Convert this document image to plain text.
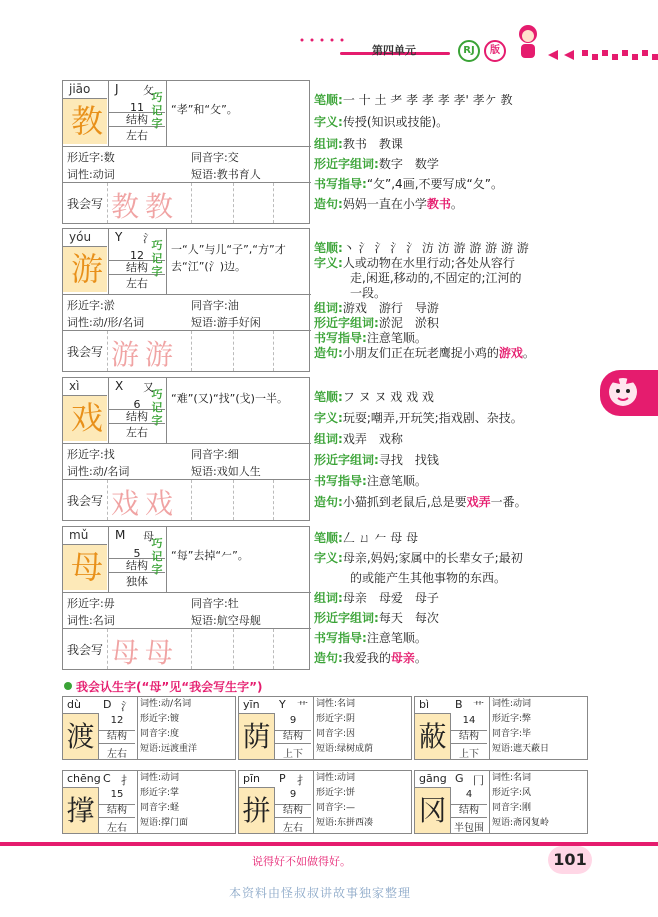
第四单元	RJ	版
jiāo J 攵
教	11
结构
左右
巧记字
“孝”和“攵”。
形近字:数	同音字:交
词性:动词	短语:教书育人
我会写 教教
笔顺:一 十 土 耂 孝 孝 孝 孝' 孝ケ 教
字义:传授(知识或技能)。
组词:教书　教课
形近字组词:数字　数学
书写指导:“攵”,4画,不要写成“夂”。
造句:妈妈一直在小学教书。
yóu Y 氵
游	12
结构
左右
巧记字
一“人”与儿“子”,“方”才去“江”(氵)边。
形近字:淤	同音字:油
词性:动/形/名词	短语:游手好闲
我会写 游游
笔顺:丶 氵 氵 氵 氵 汸 汸 游 游 游 游 游
字义:人或动物在水里行动;各处从容行
走,闲逛,移动的,不固定的;江河的
一段。
组词:游戏　游行　导游
形近字组词:淤泥　淤积
书写指导:注意笔顺。
造句:小朋友们正在玩老鹰捉小鸡的游戏。
xì	X 又
戏	6
结构
左右
巧记字
“难”(又)“找”(戈)一半。
形近字:找	同音字:细
词性:动/名词	短语:戏如人生
我会写 戏戏
笔顺:フ ヌ ヌ 戏 戏 戏
字义:玩耍;嘲弄,开玩笑;指戏剧、杂技。
组词:戏弄　戏称
形近字组词:寻找　找钱
书写指导:注意笔顺。
造句:小猫抓到老鼠后,总是要戏弄一番。
mǔ M 母
母	5
结构
独体
巧记字
“每”去掉“𠂉”。
形近字:毋	同音字:牡
词性:名词	短语:航空母舰
我会写 母母
笔顺:𠃋 ㄩ 𠂉 母 母
字义:母亲,妈妈;家属中的长辈女子;最初
的或能产生其他事物的东西。
组词:母亲　母爱　母子
形近字组词:每天　每次
书写指导:注意笔顺。
造句:我爱我的母亲。
我会认生字(“母”见“我会写生字”)
dù D 氵
渡	12
结构
左右
词性:动/名词
形近字:镀
同音字:度
短语:远渡重洋
yīn Y 艹
荫	9
结构
上下
词性:名词
形近字:阴
同音字:因
短语:绿树成荫
bì B 艹
蔽	14
结构
上下
词性:动词
形近字:弊
同音字:毕
短语:遮天蔽日
chēng C 扌
撑	15
结构
左右
词性:动词
形近字:掌
同音字:蛏
短语:撑门面
pīn P 扌
拼	9
结构
左右
词性:动词
形近字:饼
同音字:—
短语:东拼西凑
gāng G 冂
冈	4
结构
半包围
词性:名词
形近字:风
同音字:刚
短语:斋冈复岭
说得好不如做得好。	101
本资料由怪叔叔讲故事独家整理
